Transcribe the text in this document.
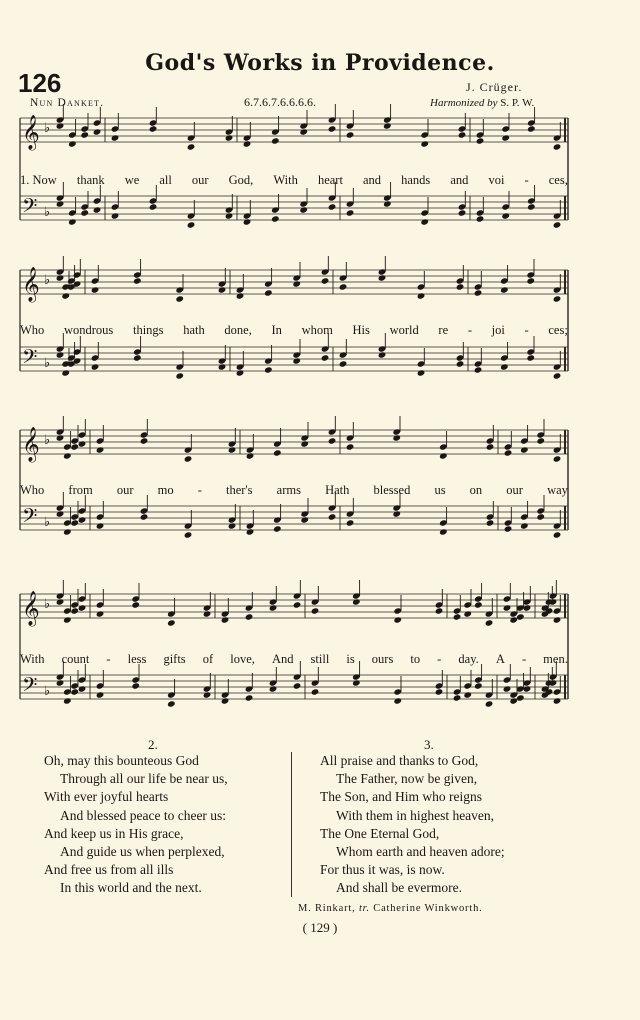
126
God's Works in Providence.
Nun Danket.	6.7.6.7.6.6.6.6.
J. Crüger.
Harmonized by S. P. W.
𝄞 ♭
𝄢 ♭
𝄞 ♭
𝄢 ♭
𝄞 ♭
𝄢 ♭
𝄞 ♭
𝄢 ♭
1. Now thank we all our God, With heart and hands and voi - ces,
Who wondrous things hath done, In whom His world re - joi - ces;
Who from our mo - ther's arms Hath blessed us on our way
With count - less gifts of love, And still is ours to - day. A - men.
2.
Oh, may this bounteous God
Through all our life be near us,
With ever joyful hearts
And blessed peace to cheer us:
And keep us in His grace,
And guide us when perplexed,
And free us from all ills
In this world and the next.
3.
All praise and thanks to God,
The Father, now be given,
The Son, and Him who reigns
With them in highest heaven,
The One Eternal God,
Whom earth and heaven adore;
For thus it was, is now.
And shall be evermore.
M. Rinkart, tr. Catherine Winkworth.
( 129 )
